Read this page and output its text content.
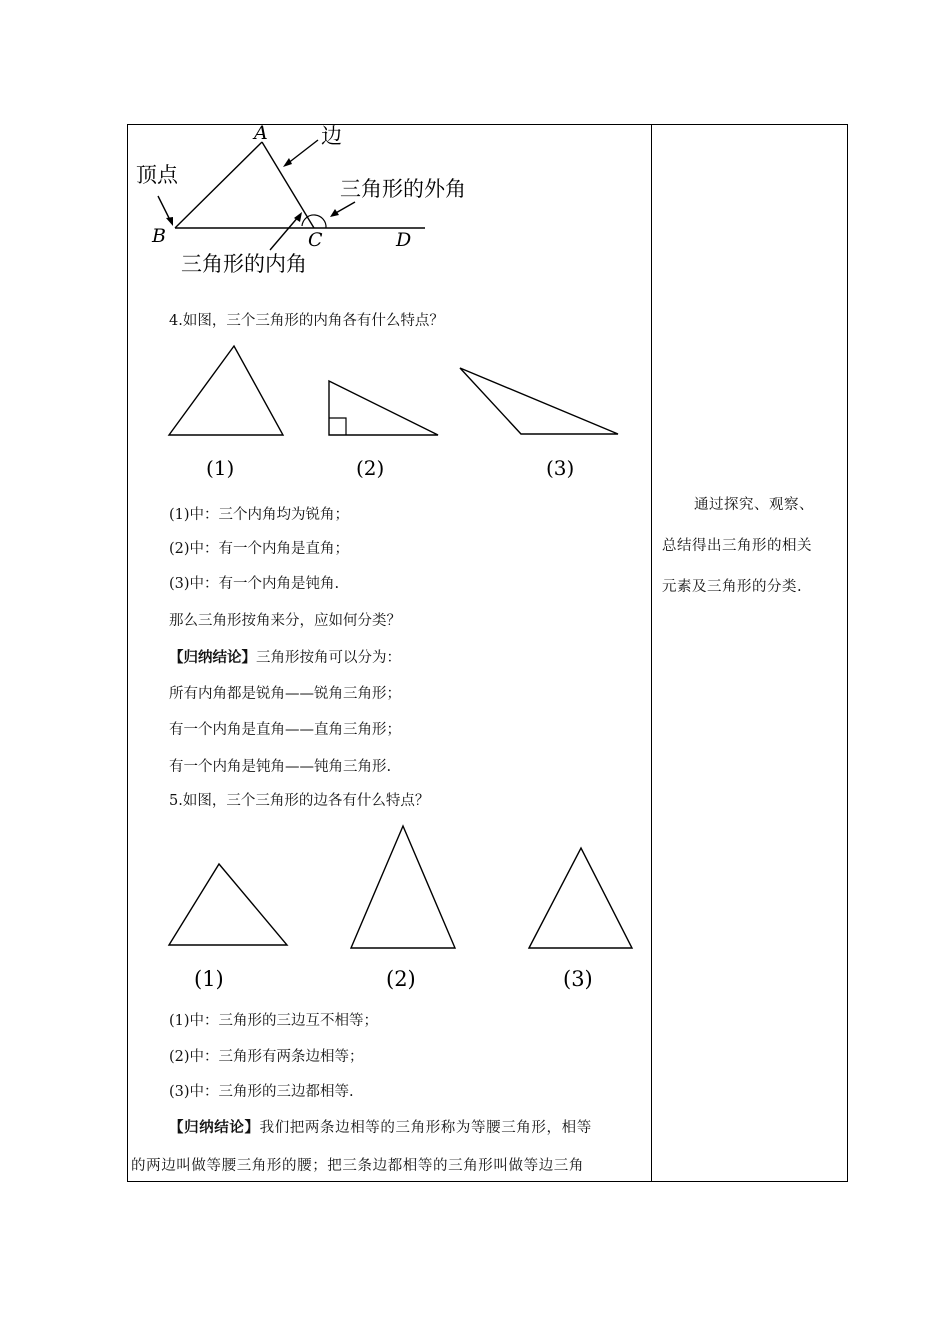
A
B	C	D
边
顶点
三角形的外角
三角形的内角
4.如图，三个三角形的内角各有什么特点？
(1)	(2)	(3)
(1)中：三个内角均为锐角；
(2)中：有一个内角是直角；
(3)中：有一个内角是钝角.
那么三角形按角来分，应如何分类？
【归纳结论】三角形按角可以分为：
所有内角都是锐角——锐角三角形；
有一个内角是直角——直角三角形；
有一个内角是钝角——钝角三角形.
5.如图，三个三角形的边各有什么特点？
(1)	(2)	(3)
(1)中：三角形的三边互不相等；
(2)中：三角形有两条边相等；
(3)中：三角形的三边都相等.
【归纳结论】我们把两条边相等的三角形称为等腰三角形，相等
的两边叫做等腰三角形的腰；把三条边都相等的三角形叫做等边三角
通过探究、观察、
总结得出三角形的相关
元素及三角形的分类.
